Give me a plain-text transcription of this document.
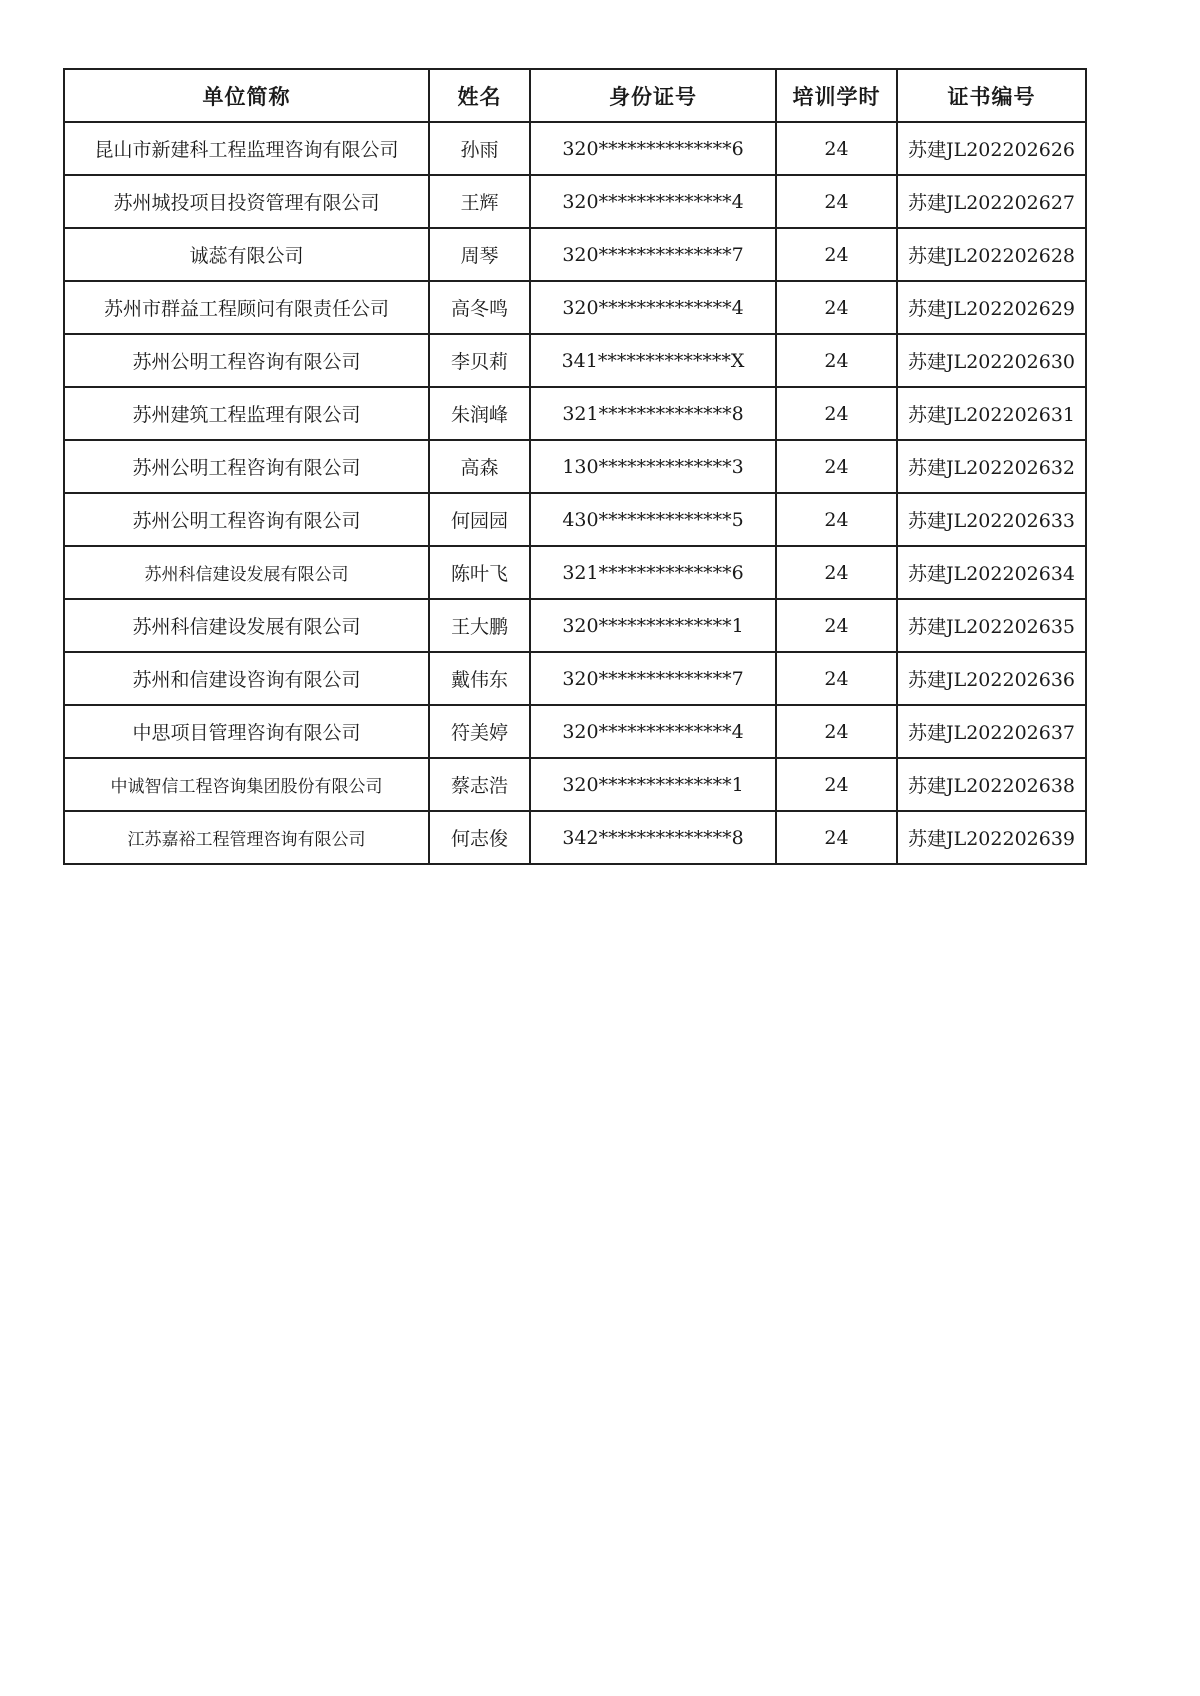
单位简称	姓名	身份证号	培训学时	证书编号
昆山市新建科工程监理咨询有限公司	孙雨	320**************6	24	苏建JL202202626
苏州城投项目投资管理有限公司	王辉	320**************4	24	苏建JL202202627
诚蕊有限公司	周琴	320**************7	24	苏建JL202202628
苏州市群益工程顾问有限责任公司	高冬鸣	320**************4	24	苏建JL202202629
苏州公明工程咨询有限公司	李贝莉	341**************X	24	苏建JL202202630
苏州建筑工程监理有限公司	朱润峰	321**************8	24	苏建JL202202631
苏州公明工程咨询有限公司	高森	130**************3	24	苏建JL202202632
苏州公明工程咨询有限公司	何园园	430**************5	24	苏建JL202202633
苏州科信建设发展有限公司	陈叶飞	321**************6	24	苏建JL202202634
苏州科信建设发展有限公司	王大鹏	320**************1	24	苏建JL202202635
苏州和信建设咨询有限公司	戴伟东	320**************7	24	苏建JL202202636
中思项目管理咨询有限公司	符美婷	320**************4	24	苏建JL202202637
中诚智信工程咨询集团股份有限公司	蔡志浩	320**************1	24	苏建JL202202638
江苏嘉裕工程管理咨询有限公司	何志俊	342**************8	24	苏建JL202202639
